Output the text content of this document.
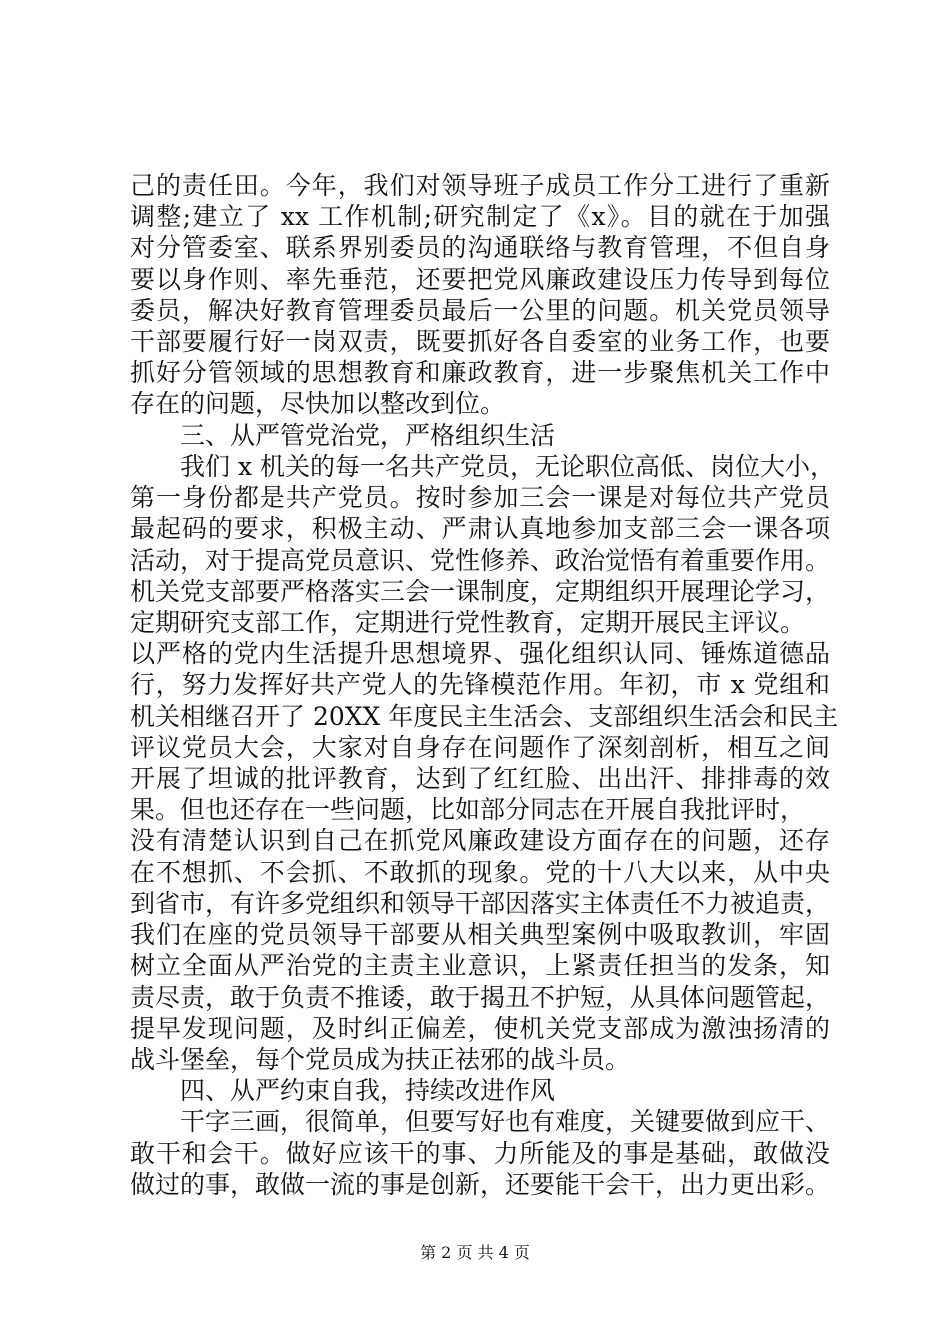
己的责任田。今年，我们对领导班子成员工作分工进行了重新
调整;建立了 xx 工作机制;研究制定了《x》。目的就在于加强
对分管委室、联系界别委员的沟通联络与教育管理，不但自身
要以身作则、率先垂范，还要把党风廉政建设压力传导到每位
委员，解决好教育管理委员最后一公里的问题。机关党员领导
干部要履行好一岗双责，既要抓好各自委室的业务工作，也要
抓好分管领域的思想教育和廉政教育，进一步聚焦机关工作中
存在的问题，尽快加以整改到位。
三、从严管党治党，严格组织生活
我们 x 机关的每一名共产党员，无论职位高低、岗位大小，
第一身份都是共产党员。按时参加三会一课是对每位共产党员
最起码的要求，积极主动、严肃认真地参加支部三会一课各项
活动，对于提高党员意识、党性修养、政治觉悟有着重要作用。
机关党支部要严格落实三会一课制度，定期组织开展理论学习，
定期研究支部工作，定期进行党性教育，定期开展民主评议。
以严格的党内生活提升思想境界、强化组织认同、锤炼道德品
行，努力发挥好共产党人的先锋模范作用。年初，市 x 党组和
机关相继召开了 20XX 年度民主生活会、支部组织生活会和民主
评议党员大会，大家对自身存在问题作了深刻剖析，相互之间
开展了坦诚的批评教育，达到了红红脸、出出汗、排排毒的效
果。但也还存在一些问题，比如部分同志在开展自我批评时，
没有清楚认识到自己在抓党风廉政建设方面存在的问题，还存
在不想抓、不会抓、不敢抓的现象。党的十八大以来，从中央
到省市，有许多党组织和领导干部因落实主体责任不力被追责，
我们在座的党员领导干部要从相关典型案例中吸取教训，牢固
树立全面从严治党的主责主业意识，上紧责任担当的发条，知
责尽责，敢于负责不推诿，敢于揭丑不护短，从具体问题管起，
提早发现问题，及时纠正偏差，使机关党支部成为激浊扬清的
战斗堡垒，每个党员成为扶正祛邪的战斗员。
四、从严约束自我，持续改进作风
干字三画，很简单，但要写好也有难度，关键要做到应干、
敢干和会干。做好应该干的事、力所能及的事是基础，敢做没
做过的事，敢做一流的事是创新，还要能干会干，出力更出彩。
第 2 页 共 4 页
